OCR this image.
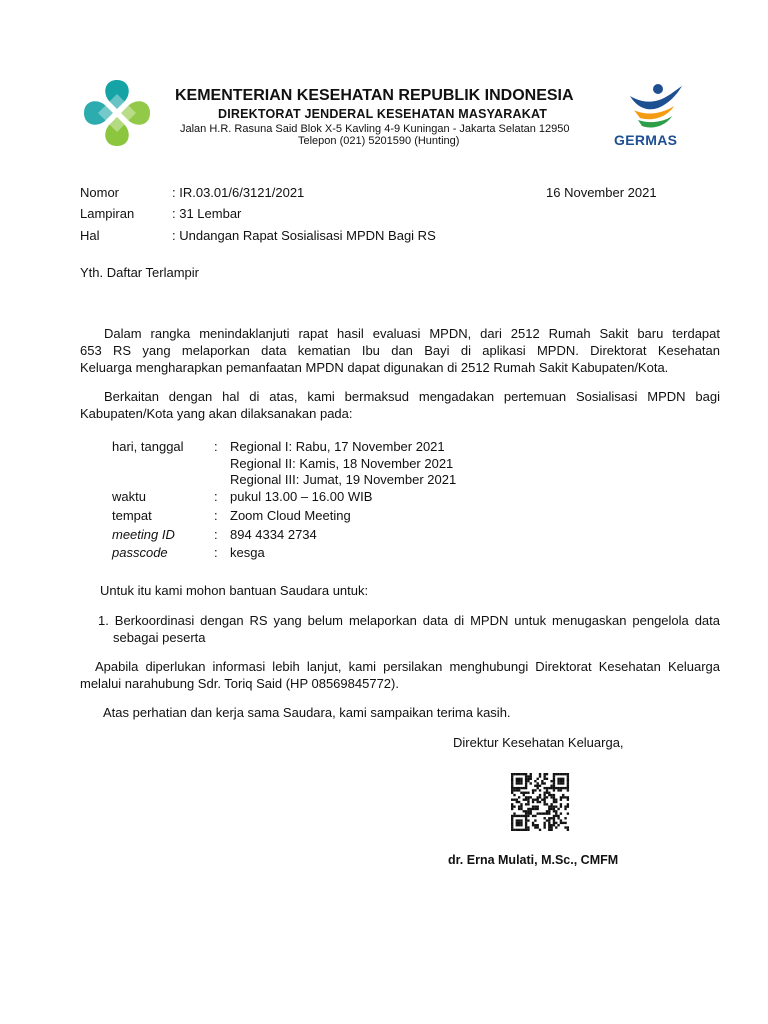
KEMENTERIAN KESEHATAN REPUBLIK INDONESIA
DIREKTORAT JENDERAL KESEHATAN MASYARAKAT
Jalan H.R. Rasuna Said Blok X-5 Kavling 4-9 Kuningan - Jakarta Selatan 12950
Telepon (021) 5201590 (Hunting)	GERMAS
Nomor	: IR.03.01/6/3121/2021	16 November 2021
Lampiran	: 31 Lembar
Hal	: Undangan Rapat Sosialisasi MPDN Bagi RS
Yth. Daftar Terlampir
Dalam rangka menindaklanjuti rapat hasil evaluasi MPDN, dari 2512 Rumah Sakit baru terdapat
653 RS yang melaporkan data kematian Ibu dan Bayi di aplikasi MPDN. Direktorat Kesehatan
Keluarga mengharapkan pemanfaatan MPDN dapat digunakan di 2512 Rumah Sakit Kabupaten/Kota.
Berkaitan dengan hal di atas, kami bermaksud mengadakan pertemuan Sosialisasi MPDN bagi
Kabupaten/Kota yang akan dilaksanakan pada:
hari, tanggal : Regional I: Rabu, 17 November 2021
Regional II: Kamis, 18 November 2021
Regional III: Jumat, 19 November 2021
waktu	: pukul 13.00 – 16.00 WIB
tempat	: Zoom Cloud Meeting
meeting ID	: 894 4334 2734
passcode	: kesga
Untuk itu kami mohon bantuan Saudara untuk:
1. Berkoordinasi dengan RS yang belum melaporkan data di MPDN untuk menugaskan pengelola data
sebagai peserta
Apabila diperlukan informasi lebih lanjut, kami persilakan menghubungi Direktorat Kesehatan Keluarga
melalui narahubung Sdr. Toriq Said (HP 08569845772).
Atas perhatian dan kerja sama Saudara, kami sampaikan terima kasih.
Direktur Kesehatan Keluarga,
dr. Erna Mulati, M.Sc., CMFM
